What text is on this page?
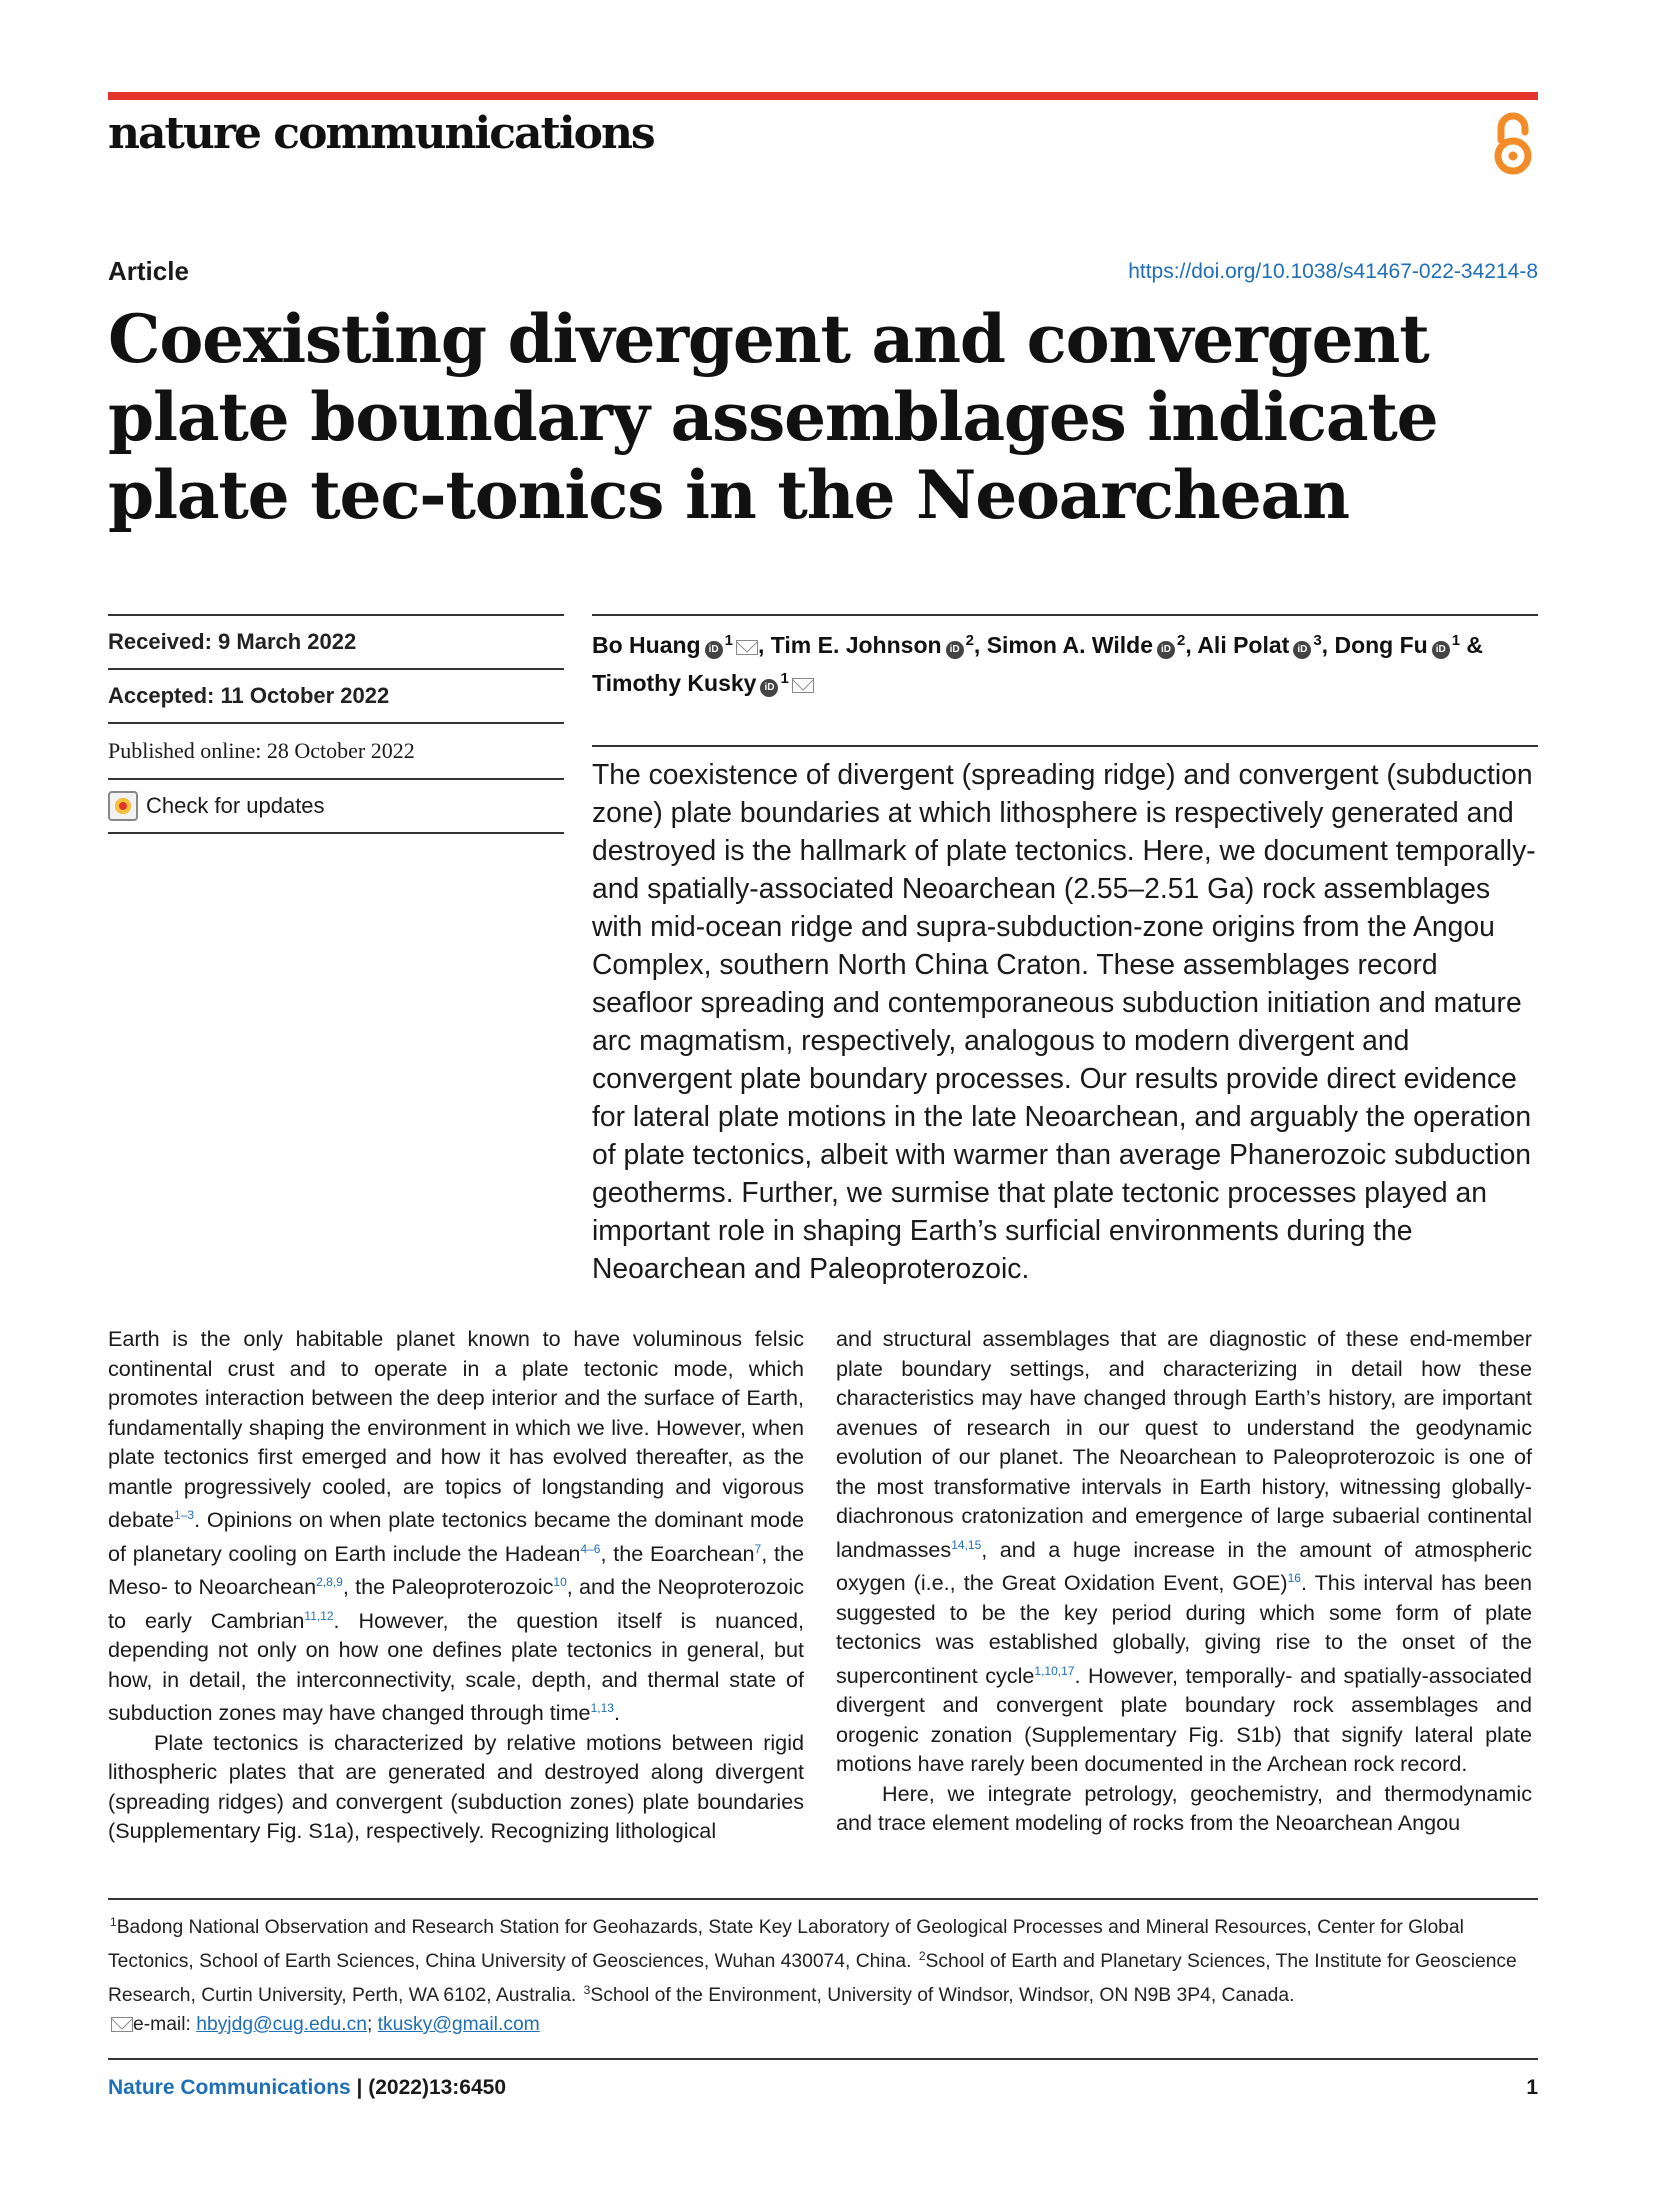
nature communications
Article	https://doi.org/10.1038/s41467-022-34214-8
Coexisting divergent and convergent plate boundary assemblages indicate plate tec-tonics in the Neoarchean
Received: 9 March 2022
Accepted: 11 October 2022
Published online: 28 October 2022
Check for updates
Bo Huang $iD^1$ , Tim E. Johnson $iD^2$, Simon A. Wilde $iD^2$, Ali Polat $iD^3$, Dong Fu $iD^1$ & Timothy Kusky $iD^1$
The coexistence of divergent (spreading ridge) and convergent (subduction zone) plate boundaries at which lithosphere is respectively generated and destroyed is the hallmark of plate tectonics. Here, we document temporally- and spatially-associated Neoarchean (2.55–2.51 Ga) rock assemblages with mid-ocean ridge and supra-subduction-zone origins from the Angou Complex, southern North China Craton. These assemblages record seafloor spreading and contemporaneous subduction initiation and mature arc magmatism, respectively, analogous to modern divergent and convergent plate boundary processes. Our results provide direct evidence for lateral plate motions in the late Neoarchean, and arguably the operation of plate tectonics, albeit with warmer than average Phanerozoic subduction geotherms. Further, we surmise that plate tectonic processes played an important role in shaping Earth’s surficial environments during the Neoarchean and Paleoproterozoic.

Earth is the only habitable planet known to have voluminous felsic continental crust and to operate in a plate tectonic mode, which promotes interaction between the deep interior and the surface of Earth, fundamentally shaping the environment in which we live. However, when plate tectonics first emerged and how it has evolved thereafter, as the mantle progressively cooled, are topics of longstanding and vigorous debate$^{1-3}$. Opinions on when plate tectonics became the dominant mode of planetary cooling on Earth include the Hadean$^{4-6}$, the Eoarchean$^7$, the Meso- to Neoarchean$^{2,8,9}$, the Paleoproterozoic$^{10}$, and the Neoproterozoic to early Cambrian$^{11,12}$. However, the question itself is nuanced, depending not only on how one defines plate tectonics in general, but how, in detail, the interconnectivity, scale, depth, and thermal state of subduction zones may have changed through time$^{1,13}$.

Plate tectonics is characterized by relative motions between rigid lithospheric plates that are generated and destroyed along divergent (spreading ridges) and convergent (subduction zones) plate boundaries (Supplementary Fig. S1a), respectively. Recognizing lithological

and structural assemblages that are diagnostic of these end-member plate boundary settings, and characterizing in detail how these characteristics may have changed through Earth’s history, are important avenues of research in our quest to understand the geodynamic evolution of our planet. The Neoarchean to Paleoproterozoic is one of the most transformative intervals in Earth history, witnessing globally-diachronous cratonization and emergence of large subaerial continental landmasses$^{14,15}$, and a huge increase in the amount of atmospheric oxygen (i.e., the Great Oxidation Event, GOE)$^{16}$. This interval has been suggested to be the key period during which some form of plate tectonics was established globally, giving rise to the onset of the supercontinent cycle$^{1,10,17}$. However, temporally- and spatially-associated divergent and convergent plate boundary rock assemblages and orogenic zonation (Supplementary Fig. S1b) that signify lateral plate motions have rarely been documented in the Archean rock record.

Here, we integrate petrology, geochemistry, and thermodynamic and trace element modeling of rocks from the Neoarchean Angou

$^1$Badong National Observation and Research Station for Geohazards, State Key Laboratory of Geological Processes and Mineral Resources, Center for Global Tectonics, School of Earth Sciences, China University of Geosciences, Wuhan 430074, China. $^2$School of Earth and Planetary Sciences, The Institute for Geoscience Research, Curtin University, Perth, WA 6102, Australia. $^3$School of the Environment, University of Windsor, Windsor, ON N9B 3P4, Canada.
e-mail: hbyjdg@cug.edu.cn; tkusky@gmail.com
Nature Communications | (2022)13:6450	1
